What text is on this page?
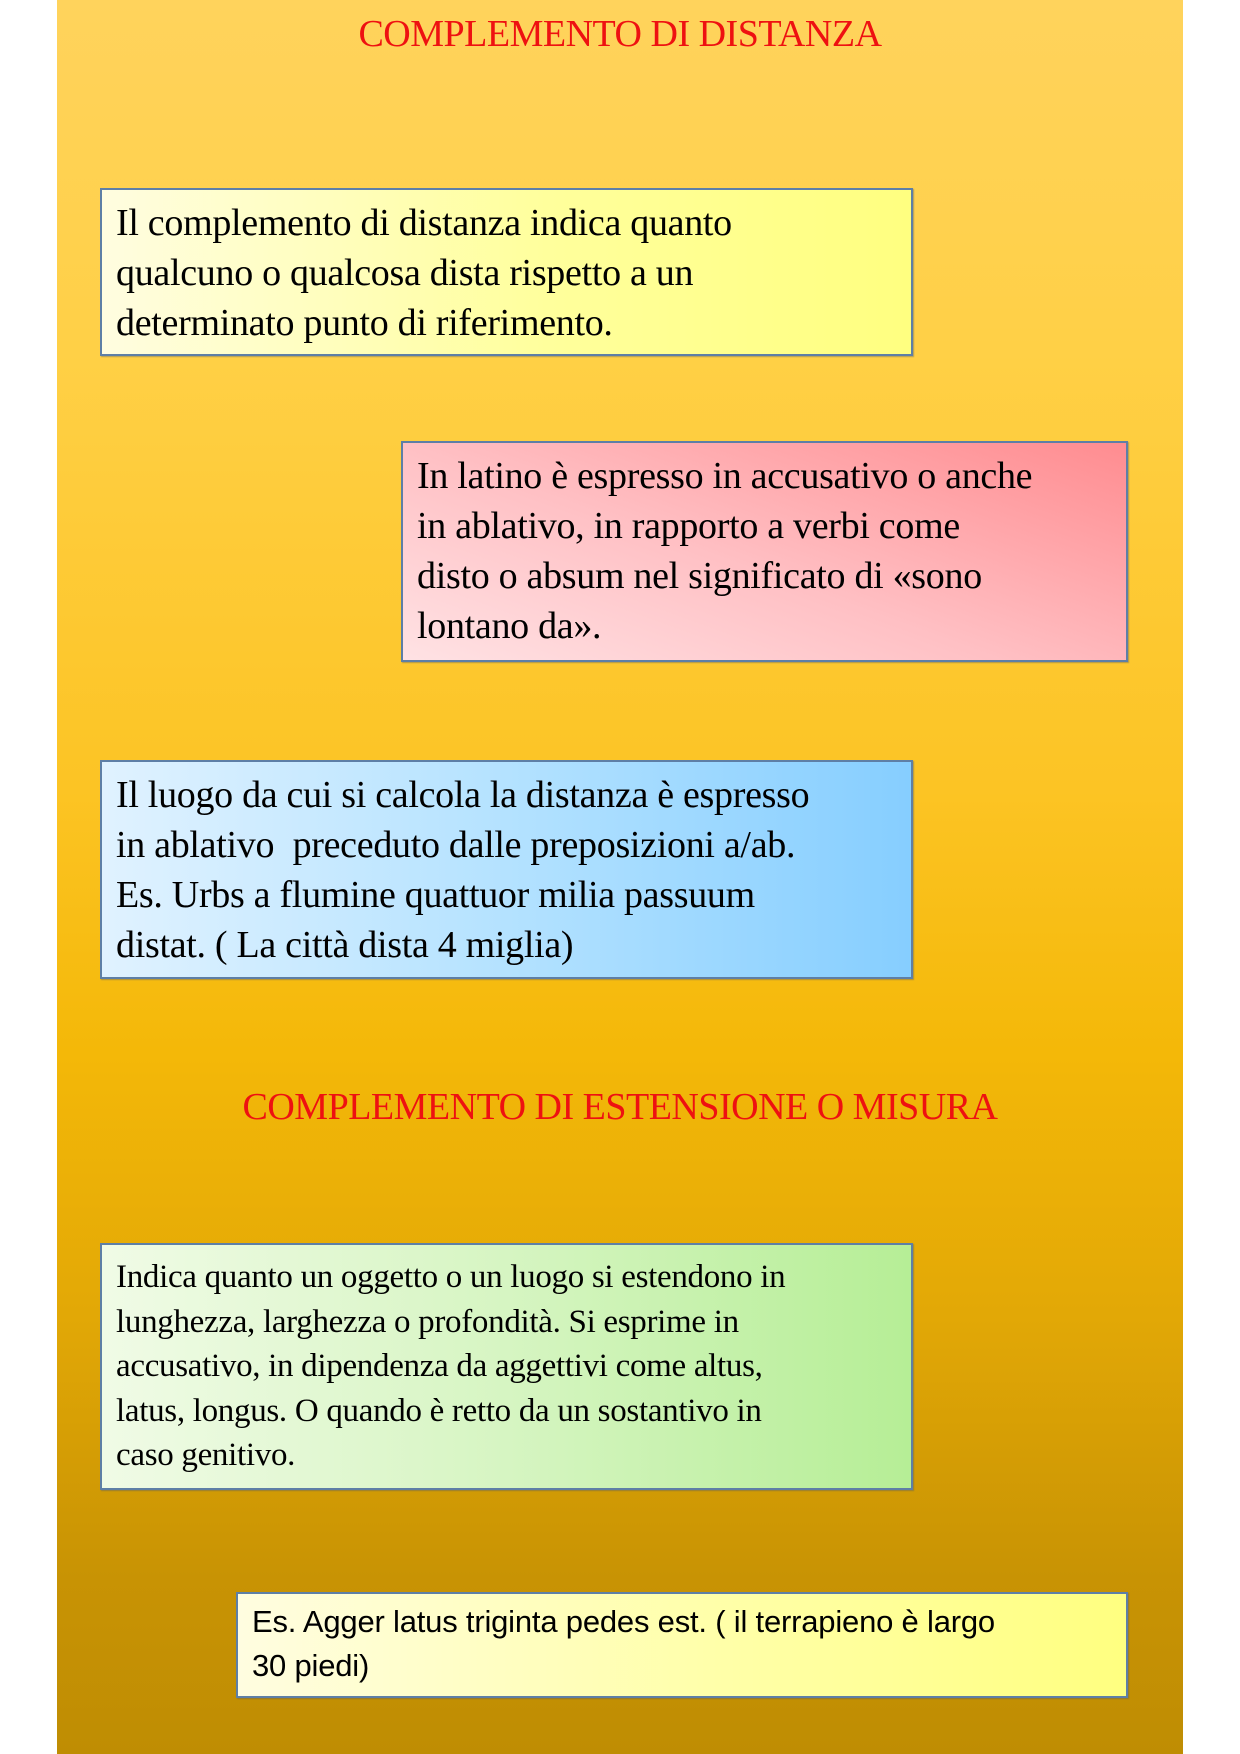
COMPLEMENTO DI DISTANZA

Il complemento di distanza indica quanto

qualcuno o qualcosa dista rispetto a un

determinato punto di riferimento.

In latino è espresso in accusativo o anche

in ablativo, in rapporto a verbi come

disto o absum nel significato di «sono

lontano da».

Il luogo da cui si calcola la distanza è espresso

in ablativo  preceduto dalle preposizioni a/ab.

Es. Urbs a flumine quattuor milia passuum

distat. ( La città dista 4 miglia)

COMPLEMENTO DI ESTENSIONE O MISURA

Indica quanto un oggetto o un luogo si estendono in

lunghezza, larghezza o profondità. Si esprime in

accusativo, in dipendenza da aggettivi come altus,

latus, longus. O quando è retto da un sostantivo in

caso genitivo.

Es. Agger latus triginta pedes est. ( il terrapieno è largo

30 piedi)
